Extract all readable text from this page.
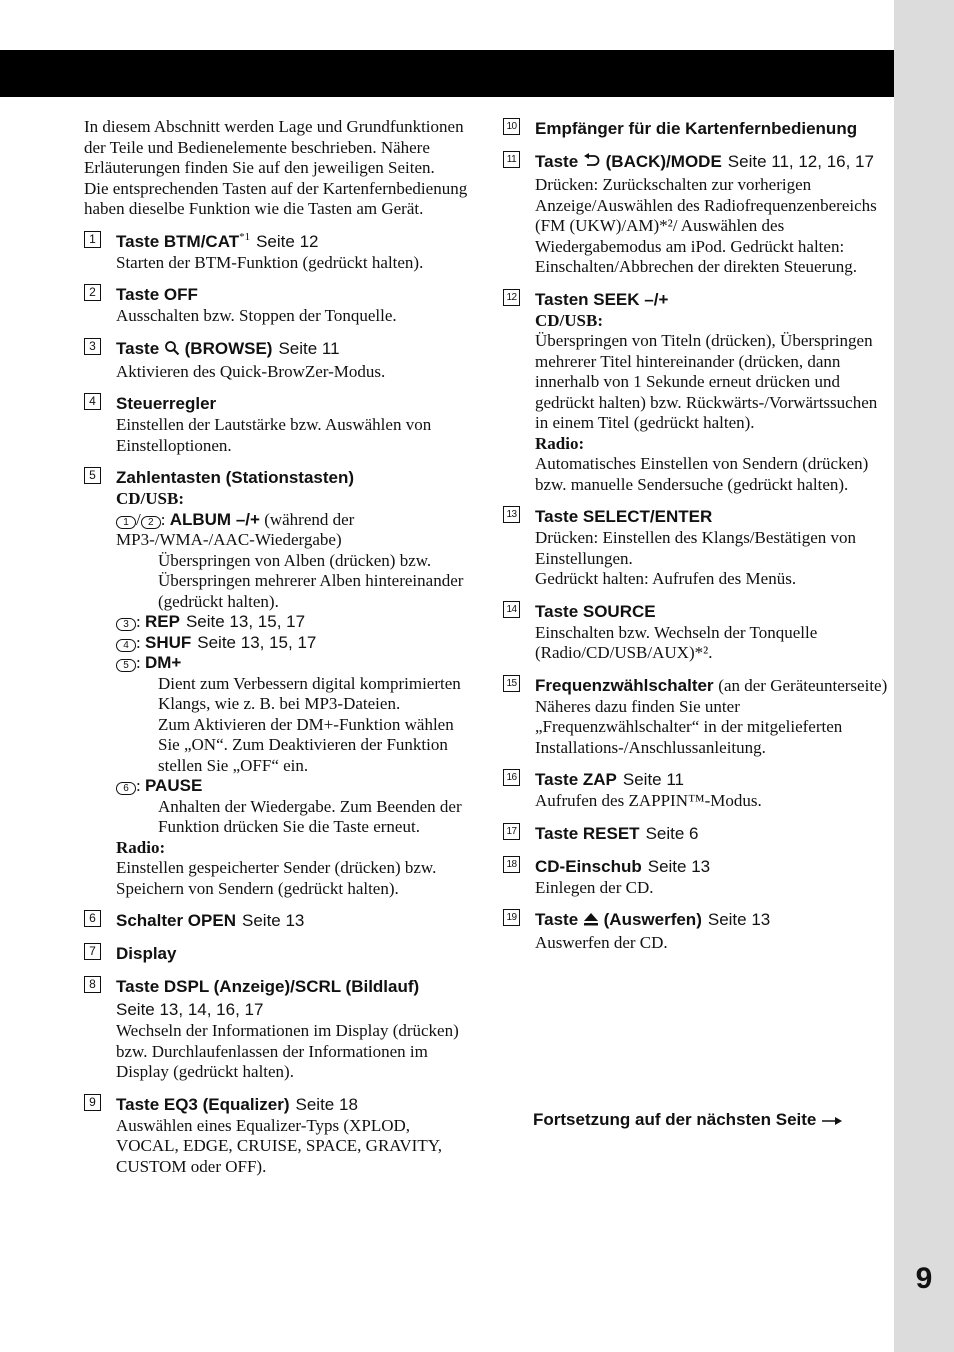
9

In diesem Abschnitt werden Lage und Grundfunktionen der Teile und Bedienelemente beschrieben. Nähere Erläuterungen finden Sie auf den jeweiligen Seiten.

Die entsprechenden Tasten auf der Kartenfernbedienung haben dieselbe Funktion wie die Tasten am Gerät.

1	Taste BTM/CAT$^{*1}$ Seite 12
Starten der BTM-Funktion (gedrückt halten).
2	Taste OFF
Ausschalten bzw. Stoppen der Tonquelle.
3	Taste (BROWSE) Seite 11
Aktivieren des Quick-BrowZer-Modus.
4	Steuerregler
Einstellen der Lautstärke bzw. Auswählen von Einstelloptionen.
5	Zahlentasten (Stationstasten)

CD/USB:

1 / 2 : ALBUM –/+ (während der MP3-/WMA-/AAC-Wiedergabe)

Überspringen von Alben (drücken) bzw. Überspringen mehrerer Alben hintereinander (gedrückt halten).

3 : REP Seite 13, 15, 17

4 : SHUF Seite 13, 15, 17

5 : DM+

Dient zum Verbessern digital komprimierten Klangs, wie z. B. bei MP3-Dateien.

Zum Aktivieren der DM+-Funktion wählen Sie „ON“. Zum Deaktivieren der Funktion stellen Sie „OFF“ ein.

6 : PAUSE

Anhalten der Wiedergabe. Zum Beenden der Funktion drücken Sie die Taste erneut.

Radio:

Einstellen gespeicherter Sender (drücken) bzw. Speichern von Sendern (gedrückt halten).

6	Schalter OPEN Seite 13
7	Display
8	Taste DSPL (Anzeige)/SCRL (Bildlauf)
Seite 13, 14, 16, 17
Wechseln der Informationen im Display (drücken) bzw. Durchlaufenlassen der Informationen im Display (gedrückt halten).
9	Taste EQ3 (Equalizer) Seite 18
Auswählen eines Equalizer-Typs (XPLOD, VOCAL, EDGE, CRUISE, SPACE, GRAVITY, CUSTOM oder OFF).
10 Empfänger für die Kartenfernbedienung
11 Taste (BACK)/MODE Seite 11, 12, 16, 17
Drücken: Zurückschalten zur vorherigen Anzeige/Auswählen des Radiofrequenzenbereichs (FM (UKW)/AM)*²/ Auswählen des Wiedergabemodus am iPod. Gedrückt halten: Einschalten/Abbrechen der direkten Steuerung.
12 Tasten SEEK –/+

CD/USB:

Überspringen von Titeln (drücken), Überspringen mehrerer Titel hintereinander (drücken, dann innerhalb von 1 Sekunde erneut drücken und gedrückt halten) bzw. Rückwärts-/Vorwärtssuchen in einem Titel (gedrückt halten).

Radio:

Automatisches Einstellen von Sendern (drücken) bzw. manuelle Sendersuche (gedrückt halten).

13 Taste SELECT/ENTER

Drücken: Einstellen des Klangs/Bestätigen von Einstellungen.

Gedrückt halten: Aufrufen des Menüs.

14 Taste SOURCE
Einschalten bzw. Wechseln der Tonquelle (Radio/CD/USB/AUX)*².
15 Frequenzwählschalter (an der Geräteunterseite)
Näheres dazu finden Sie unter „Frequenzwählschalter“ in der mitgelieferten Installations-/Anschlussanleitung.
16 Taste ZAP Seite 11
Aufrufen des ZAPPIN™-Modus.
17 Taste RESET Seite 6
18 CD-Einschub Seite 13
Einlegen der CD.
19 Taste (Auswerfen) Seite 13
Auswerfen der CD.
Fortsetzung auf der nächsten Seite
